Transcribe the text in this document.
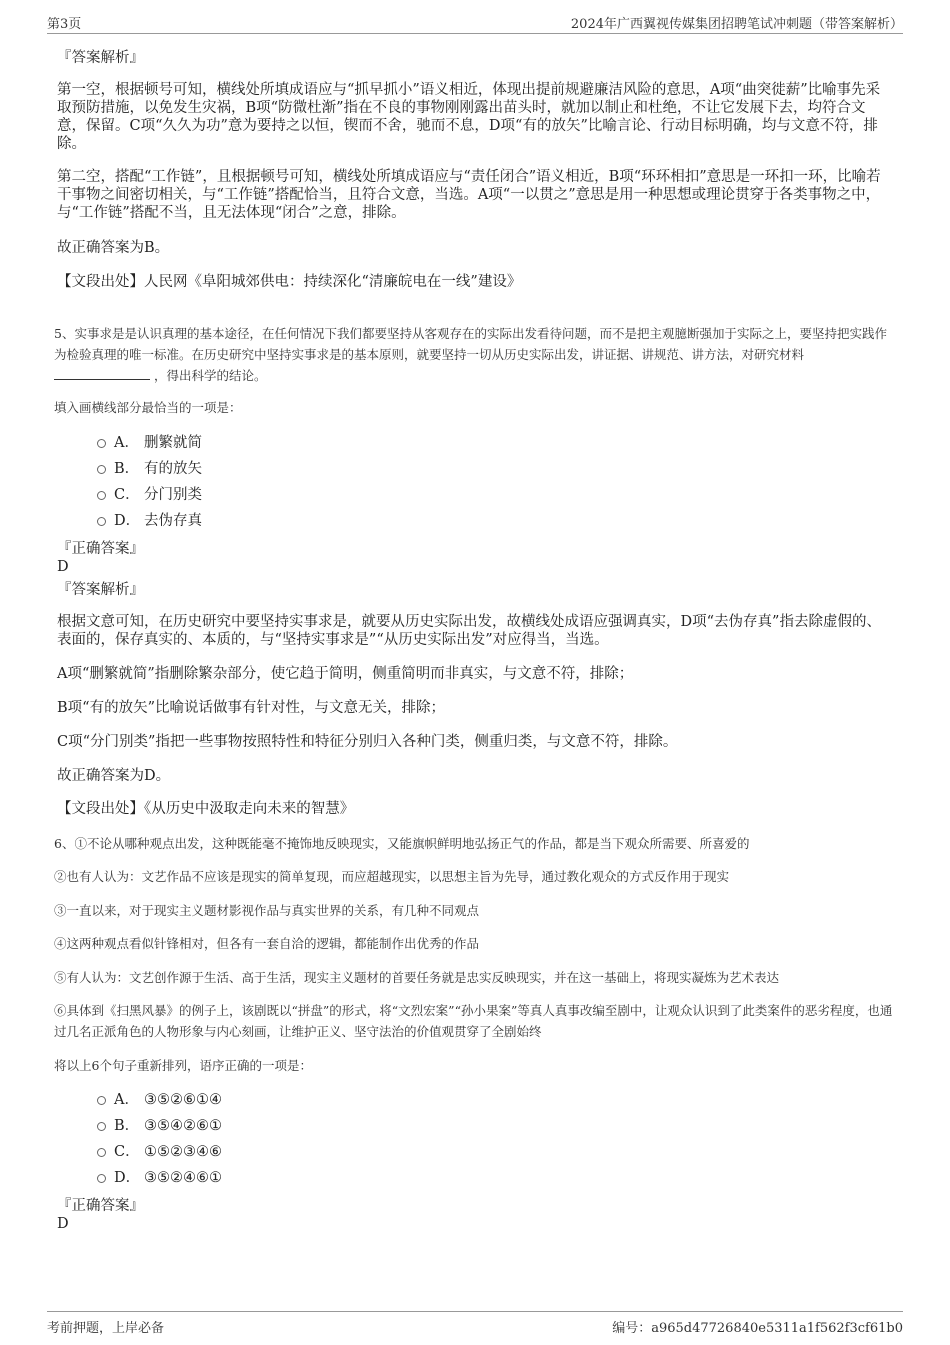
第3页	2024年广西翼视传媒集团招聘笔试冲刺题（带答案解析）
『答案解析』

第一空，根据顿号可知，横线处所填成语应与“抓早抓小”语义相近，体现出提前规避廉洁风险的意思，A项“曲突徙薪”比喻事先采取预防措施，以免发生灾祸，B项“防微杜渐”指在不良的事物刚刚露出苗头时，就加以制止和杜绝，不让它发展下去，均符合文意，保留。C项“久久为功”意为要持之以恒，锲而不舍，驰而不息，D项“有的放矢”比喻言论、行动目标明确，均与文意不符，排除。

第二空，搭配“工作链”，且根据顿号可知，横线处所填成语应与“责任闭合”语义相近，B项“环环相扣”意思是一环扣一环，比喻若干事物之间密切相关，与“工作链”搭配恰当，且符合文意，当选。A项“一以贯之”意思是用一种思想或理论贯穿于各类事物之中，与“工作链”搭配不当，且无法体现“闭合”之意，排除。

故正确答案为B。

【文段出处】人民网《阜阳城郊供电：持续深化“清廉皖电在一线”建设》

5、实事求是是认识真理的基本途径，在任何情况下我们都要坚持从客观存在的实际出发看待问题，而不是把主观臆断强加于实际之上，要坚持把实践作为检验真理的唯一标准。在历史研究中坚持实事求是的基本原则，就要坚持一切从历史实际出发，讲证据、讲规范、讲方法，对研究材料  ，得出科学的结论。

填入画横线部分最恰当的一项是：

A． 删繁就简
B． 有的放矢
C． 分门别类
D． 去伪存真
『正确答案』
D
『答案解析』

根据文意可知，在历史研究中要坚持实事求是，就要从历史实际出发，故横线处成语应强调真实，D项“去伪存真”指去除虚假的、表面的，保存真实的、本质的，与“坚持实事求是”“从历史实际出发”对应得当，当选。

A项“删繁就简”指删除繁杂部分，使它趋于简明，侧重简明而非真实，与文意不符，排除；

B项“有的放矢”比喻说话做事有针对性，与文意无关，排除；

C项“分门别类”指把一些事物按照特性和特征分别归入各种门类，侧重归类，与文意不符，排除。

故正确答案为D。

【文段出处】《从历史中汲取走向未来的智慧》

6、①不论从哪种观点出发，这种既能毫不掩饰地反映现实，又能旗帜鲜明地弘扬正气的作品，都是当下观众所需要、所喜爱的

②也有人认为：文艺作品不应该是现实的简单复现，而应超越现实，以思想主旨为先导，通过教化观众的方式反作用于现实

③一直以来，对于现实主义题材影视作品与真实世界的关系，有几种不同观点

④这两种观点看似针锋相对，但各有一套自洽的逻辑，都能制作出优秀的作品

⑤有人认为：文艺创作源于生活、高于生活，现实主义题材的首要任务就是忠实反映现实，并在这一基础上，将现实凝炼为艺术表达

⑥具体到《扫黑风暴》的例子上，该剧既以“拼盘”的形式，将“文烈宏案”“孙小果案”等真人真事改编至剧中，让观众认识到了此类案件的恶劣程度，也通过几名正派角色的人物形象与内心刻画，让维护正义、坚守法治的价值观贯穿了全剧始终

将以上6个句子重新排列，语序正确的一项是：

A． ③⑤②⑥①④
B． ③⑤④②⑥①
C． ①⑤②③④⑥
D． ③⑤②④⑥①
『正确答案』
D
考前押题，上岸必备	编号：a965d47726840e5311a1f562f3cf61b0
